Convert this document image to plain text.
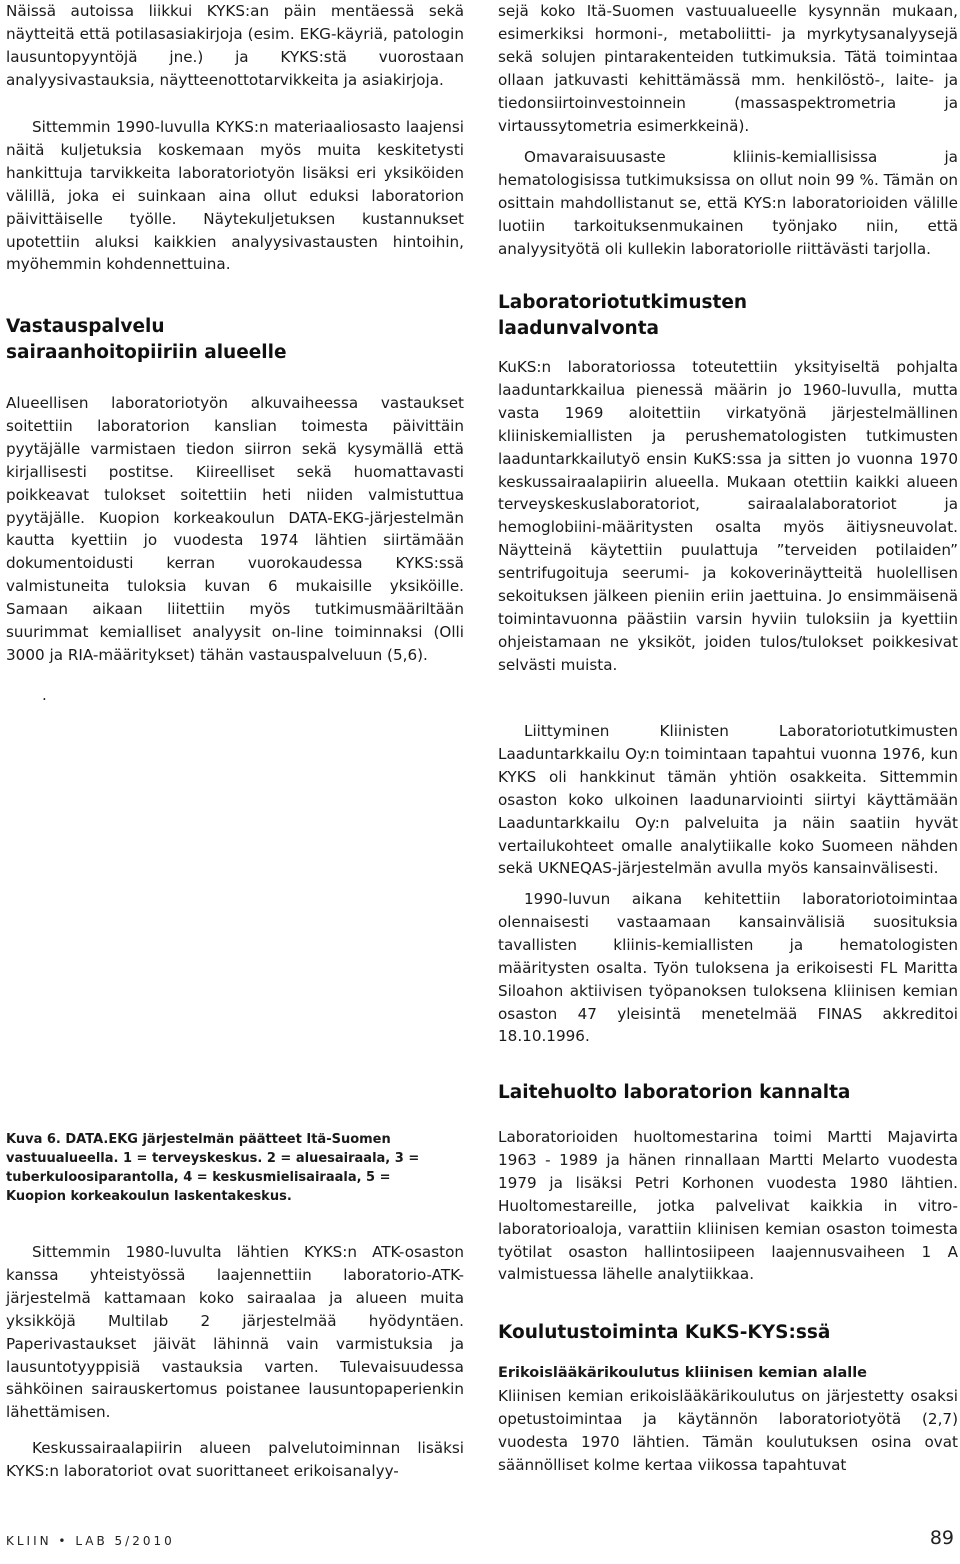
Näissä autoissa liikkui KYKS:an päin mentäessä sekä näytteitä että potilasasiakirjoja (esim. EKG-käyriä, patologin lausuntopyyntöjä jne.) ja KYKS:stä vuorostaan analyysivastauksia, näytteenottotarvikkeita ja asiakirjoja.

Sittemmin 1990-luvulla KYKS:n materiaaliosasto laajensi näitä kuljetuksia koskemaan myös muita keskitetysti hankittuja tarvikkeita laboratoriotyön lisäksi eri yksiköiden välillä, joka ei suinkaan aina ollut eduksi laboratorion päivittäiselle työlle. Näytekuljetuksen kustannukset upotettiin aluksi kaikkien analyysivastausten hintoihin, myöhemmin kohdennettuina.

Vastauspalvelu
sairaanhoitopiiriin alueelle

Alueellisen laboratoriotyön alkuvaiheessa vastaukset soitettiin laboratorion kanslian toimesta päivittäin pyytäjälle varmistaen tiedon siirron sekä kysymällä että kirjallisesti postitse. Kiireelliset sekä huomattavasti poikkeavat tulokset soitettiin heti niiden valmistuttua pyytäjälle. Kuopion korkeakoulun DATA-EKG-järjestelmän kautta kyettiin jo vuodesta 1974 lähtien siirtämään dokumentoidusti kerran vuorokaudessa KYKS:ssä valmistuneita tuloksia kuvan 6 mukaisille yksiköille. Samaan aikaan liitettiin myös tutkimusmääriltään suurimmat kemialliset analyysit on-line toiminnaksi (Olli 3000 ja RIA-määritykset) tähän vastauspalveluun (5,6).

.
Kuva 6. DATA.EKG järjestelmän päätteet Itä-Suomen vastuualueella. 1 = terveyskeskus. 2 = aluesairaala, 3 = tuberkuloosiparantolla, 4 = keskusmielisairaala, 5 = Kuopion korkeakoulun laskentakeskus.

Sittemmin 1980-luvulta lähtien KYKS:n ATK-osaston kanssa yhteistyössä laajennettiin laboratorio-ATK-järjestelmä kattamaan koko sairaalaa ja alueen muita yksikköjä Multilab 2 järjestelmää hyödyntäen. Paperivastaukset jäivät lähinnä vain varmistuksia ja lausuntotyyppisiä vastauksia varten. Tulevaisuudessa sähköinen sairauskertomus poistanee lausuntopaperienkin lähettämisen.

Keskussairaalapiirin alueen palvelutoiminnan lisäksi KYKS:n laboratoriot ovat suorittaneet erikoisanalyy-

sejä koko Itä-Suomen vastuualueelle kysynnän mukaan, esimerkiksi hormoni-, metaboliitti- ja myrkytysanalyysejä sekä solujen pintarakenteiden tutkimuksia. Tätä toimintaa ollaan jatkuvasti kehittämässä mm. henkilöstö-, laite- ja tiedonsiirtoinvestoinnein (massaspektrometria ja virtaussytometria esimerkkeinä).

Omavaraisuusaste kliinis-kemiallisissa ja hematologisissa tutkimuksissa on ollut noin 99 %. Tämän on osittain mahdollistanut se, että KYS:n laboratorioiden välille luotiin tarkoituksenmukainen työnjako niin, että analyysityötä oli kullekin laboratoriolle riittävästi tarjolla.

Laboratoriotutkimusten
laadunvalvonta

KuKS:n laboratoriossa toteutettiin yksityiseltä pohjalta laaduntarkkailua pienessä määrin jo 1960-luvulla, mutta vasta 1969 aloitettiin virkatyönä järjestelmällinen kliiniskemiallisten ja perushematologisten tutkimusten laaduntarkkailutyö ensin KuKS:ssa ja sitten jo vuonna 1970 keskussairaalapiirin alueella. Mukaan otettiin kaikki alueen terveyskeskuslaboratoriot, sairaalalaboratoriot ja hemoglobiini-määritysten osalta myös äitiysneuvolat. Näytteinä käytettiin puulattuja ”terveiden potilaiden” sentrifugoituja seerumi- ja kokoverinäytteitä huolellisen sekoituksen jälkeen pieniin eriin jaettuina. Jo ensimmäisenä toimintavuonna päästiin varsin hyviin tuloksiin ja kyettiin ohjeistamaan ne yksiköt, joiden tulos/tulokset poikkesivat selvästi muista.

Liittyminen Kliinisten Laboratoriotutkimusten Laaduntarkkailu Oy:n toimintaan tapahtui vuonna 1976, kun KYKS oli hankkinut tämän yhtiön osakkeita. Sittemmin osaston koko ulkoinen laadunarviointi siirtyi käyttämään Laaduntarkkailu Oy:n palveluita ja näin saatiin hyvät vertailukohteet omalle analytiikalle koko Suomeen nähden sekä UKNEQAS-järjestelmän avulla myös kansainvälisesti.

1990-luvun aikana kehitettiin laboratoriotoimintaa olennaisesti vastaamaan kansainvälisiä suosituksia tavallisten kliinis-kemiallisten ja hematologisten määritysten osalta. Työn tuloksena ja erikoisesti FL Maritta Siloahon aktiivisen työpanoksen tuloksena kliinisen kemian osaston 47 yleisintä menetelmää FINAS akkreditoi 18.10.1996.

Laitehuolto laboratorion kannalta

Laboratorioiden huoltomestarina toimi Martti Majavirta 1963 - 1989 ja hänen rinnallaan Martti Melarto vuodesta 1979 ja lisäksi Petri Korhonen vuodesta 1980 lähtien. Huoltomestareille, jotka palvelivat kaikkia in vitro-laboratorioaloja, varattiin kliinisen kemian osaston toimesta työtilat osaston hallintosiipeen laajennusvaiheen 1 A valmistuessa lähelle analytiikkaa.

Koulutustoiminta KuKS-KYS:ssä
Erikoislääkärikoulutus kliinisen kemian alalle

Kliinisen kemian erikoislääkärikoulutus on järjestetty osaksi opetustoimintaa ja käytännön laboratoriotyötä (2,7) vuodesta 1970 lähtien. Tämän koulutuksen osina ovat säännölliset kolme kertaa viikossa tapahtuvat

KLIIN • LAB 5/2010	89
